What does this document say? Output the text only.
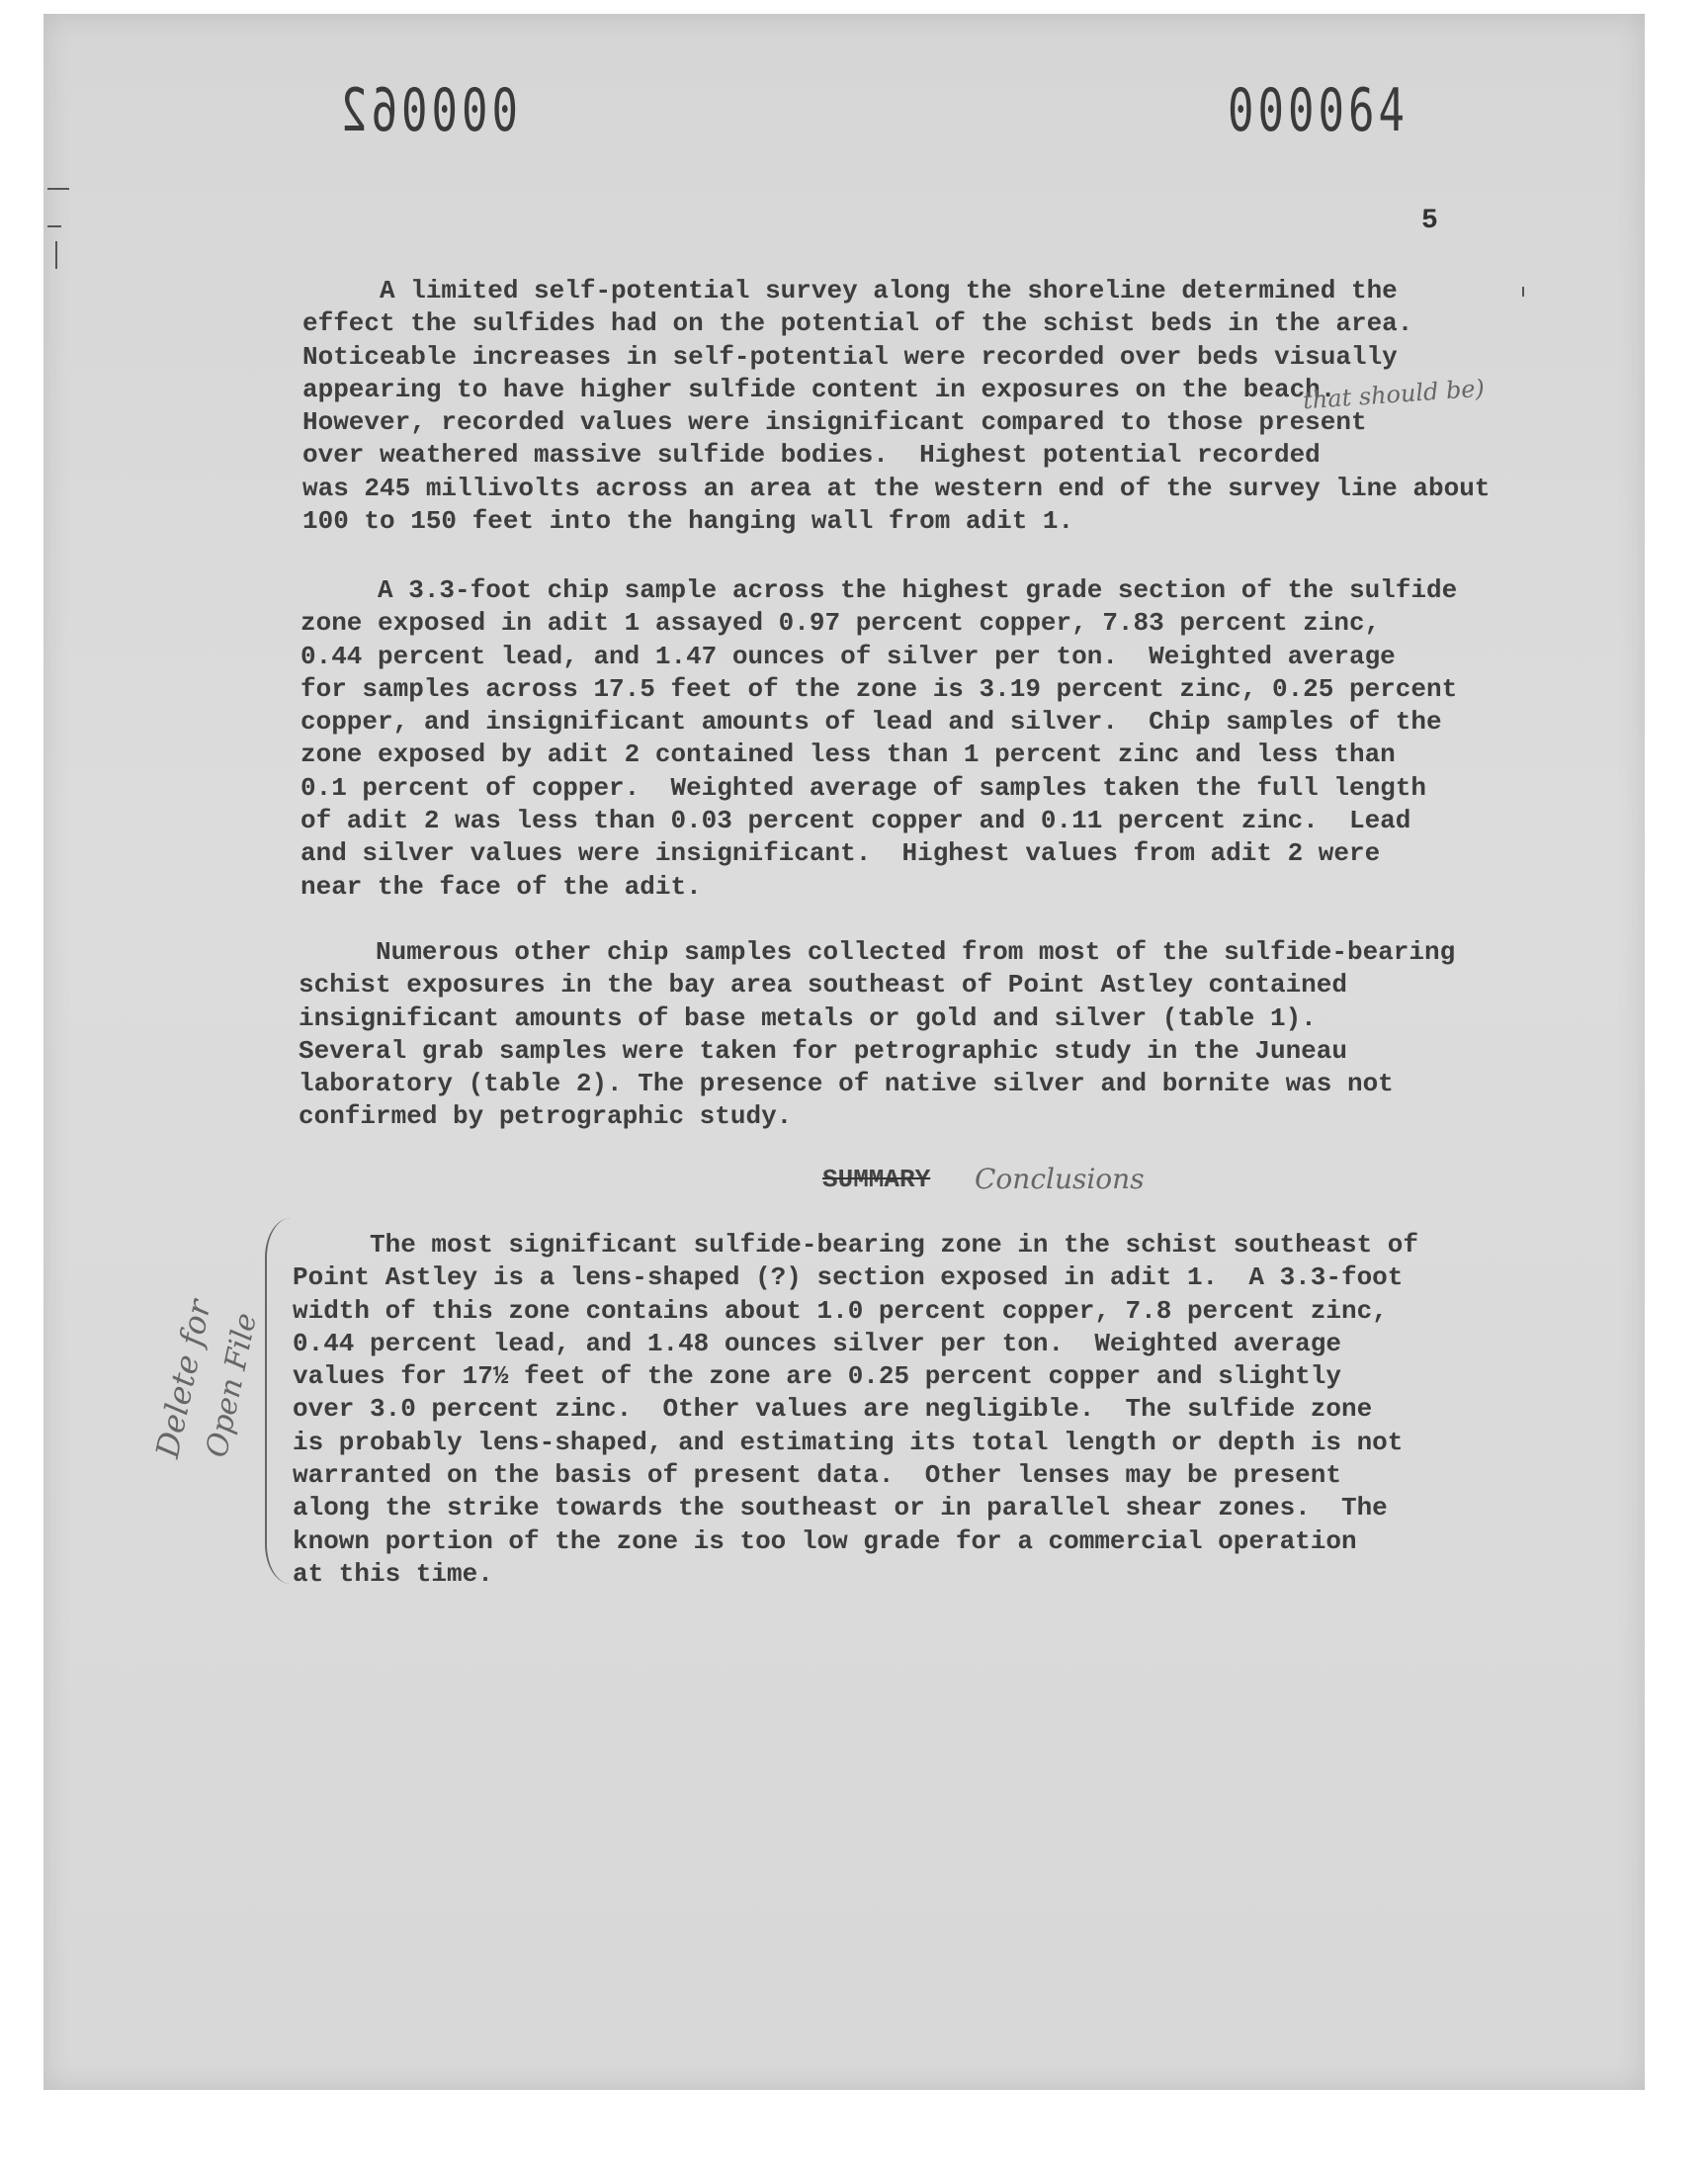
000062	000064
5
A limited self-potential survey along the shoreline determined the
effect the sulfides had on the potential of the schist beds in the area.
Noticeable increases in self-potential were recorded over beds visually
appearing to have higher sulfide content in exposures on the beach.
However, recorded values were insignificant compared to those present
over weathered massive sulfide bodies.  Highest potential recorded
was 245 millivolts across an area at the western end of the survey line about
100 to 150 feet into the hanging wall from adit 1.
A 3.3-foot chip sample across the highest grade section of the sulfide
zone exposed in adit 1 assayed 0.97 percent copper, 7.83 percent zinc,
0.44 percent lead, and 1.47 ounces of silver per ton.  Weighted average
for samples across 17.5 feet of the zone is 3.19 percent zinc, 0.25 percent
copper, and insignificant amounts of lead and silver.  Chip samples of the
zone exposed by adit 2 contained less than 1 percent zinc and less than
0.1 percent of copper.  Weighted average of samples taken the full length
of adit 2 was less than 0.03 percent copper and 0.11 percent zinc.  Lead
and silver values were insignificant.  Highest values from adit 2 were
near the face of the adit.
Numerous other chip samples collected from most of the sulfide-bearing
schist exposures in the bay area southeast of Point Astley contained
insignificant amounts of base metals or gold and silver (table 1).
Several grab samples were taken for petrographic study in the Juneau
laboratory (table 2). The presence of native silver and bornite was not
confirmed by petrographic study.
SUMMARY Conclusions
that should be)
The most significant sulfide-bearing zone in the schist southeast of
Point Astley is a lens-shaped (?) section exposed in adit 1.  A 3.3-foot
width of this zone contains about 1.0 percent copper, 7.8 percent zinc,
0.44 percent lead, and 1.48 ounces silver per ton.  Weighted average
values for 17½ feet of the zone are 0.25 percent copper and slightly
over 3.0 percent zinc.  Other values are negligible.  The sulfide zone
is probably lens-shaped, and estimating its total length or depth is not
warranted on the basis of present data.  Other lenses may be present
along the strike towards the southeast or in parallel shear zones.  The
known portion of the zone is too low grade for a commercial operation
at this time.
Delete for
Open File
